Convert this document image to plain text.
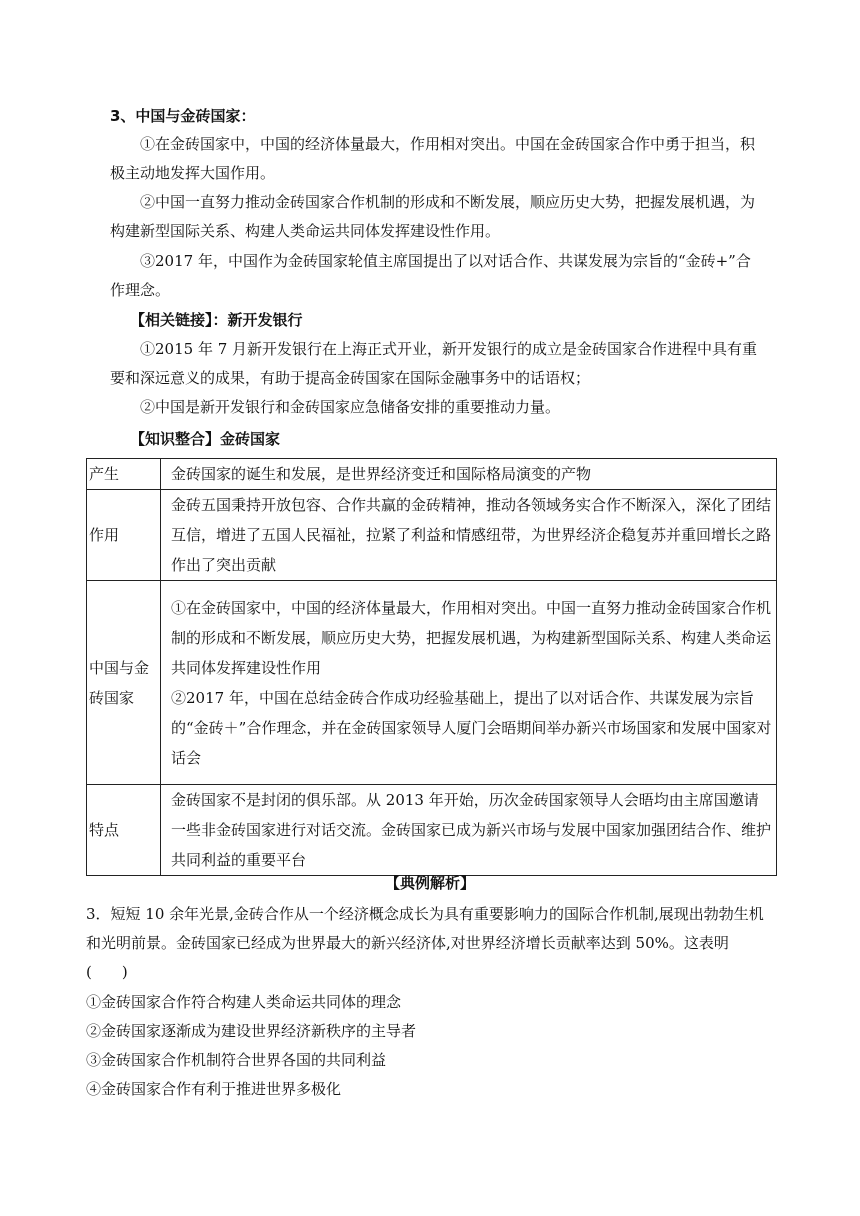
3、中国与金砖国家：

①在金砖国家中，中国的经济体量最大，作用相对突出。中国在金砖国家合作中勇于担当，积极主动地发挥大国作用。

②中国一直努力推动金砖国家合作机制的形成和不断发展，顺应历史大势，把握发展机遇，为构建新型国际关系、构建人类命运共同体发挥建设性作用。

③2017 年，中国作为金砖国家轮值主席国提出了以对话合作、共谋发展为宗旨的“金砖+”合作理念。

【相关链接】：新开发银行

①2015 年 7 月新开发银行在上海正式开业，新开发银行的成立是金砖国家合作进程中具有重要和深远意义的成果，有助于提高金砖国家在国际金融事务中的话语权；

②中国是新开发银行和金砖国家应急储备安排的重要推动力量。

【知识整合】金砖国家
产生	金砖国家的诞生和发展，是世界经济变迁和国际格局演变的产物
作用	金砖五国秉持开放包容、合作共赢的金砖精神，推动各领域务实合作不断深入，深化了团结互信，增进了五国人民福祉，拉紧了利益和情感纽带，为世界经济企稳复苏并重回增长之路作出了突出贡献
中国与金砖国家	①在金砖国家中，中国的经济体量最大，作用相对突出。中国一直努力推动金砖国家合作机制的形成和不断发展，顺应历史大势，把握发展机遇，为构建新型国际关系、构建人类命运共同体发挥建设性作用
②2017 年，中国在总结金砖合作成功经验基础上，提出了以对话合作、共谋发展为宗旨的“金砖＋”合作理念，并在金砖国家领导人厦门会晤期间举办新兴市场国家和发展中国家对话会

特点	金砖国家不是封闭的俱乐部。从 2013 年开始，历次金砖国家领导人会晤均由主席国邀请一些非金砖国家进行对话交流。金砖国家已成为新兴市场与发展中国家加强团结合作、维护共同利益的重要平台
【典例解析】

3．短短 10 余年光景,金砖合作从一个经济概念成长为具有重要影响力的国际合作机制,展现出勃勃生机和光明前景。金砖国家已经成为世界最大的新兴经济体,对世界经济增长贡献率达到 50%。这表明(　　)

①金砖国家合作符合构建人类命运共同体的理念
②金砖国家逐渐成为建设世界经济新秩序的主导者
③金砖国家合作机制符合世界各国的共同利益
④金砖国家合作有利于推进世界多极化
